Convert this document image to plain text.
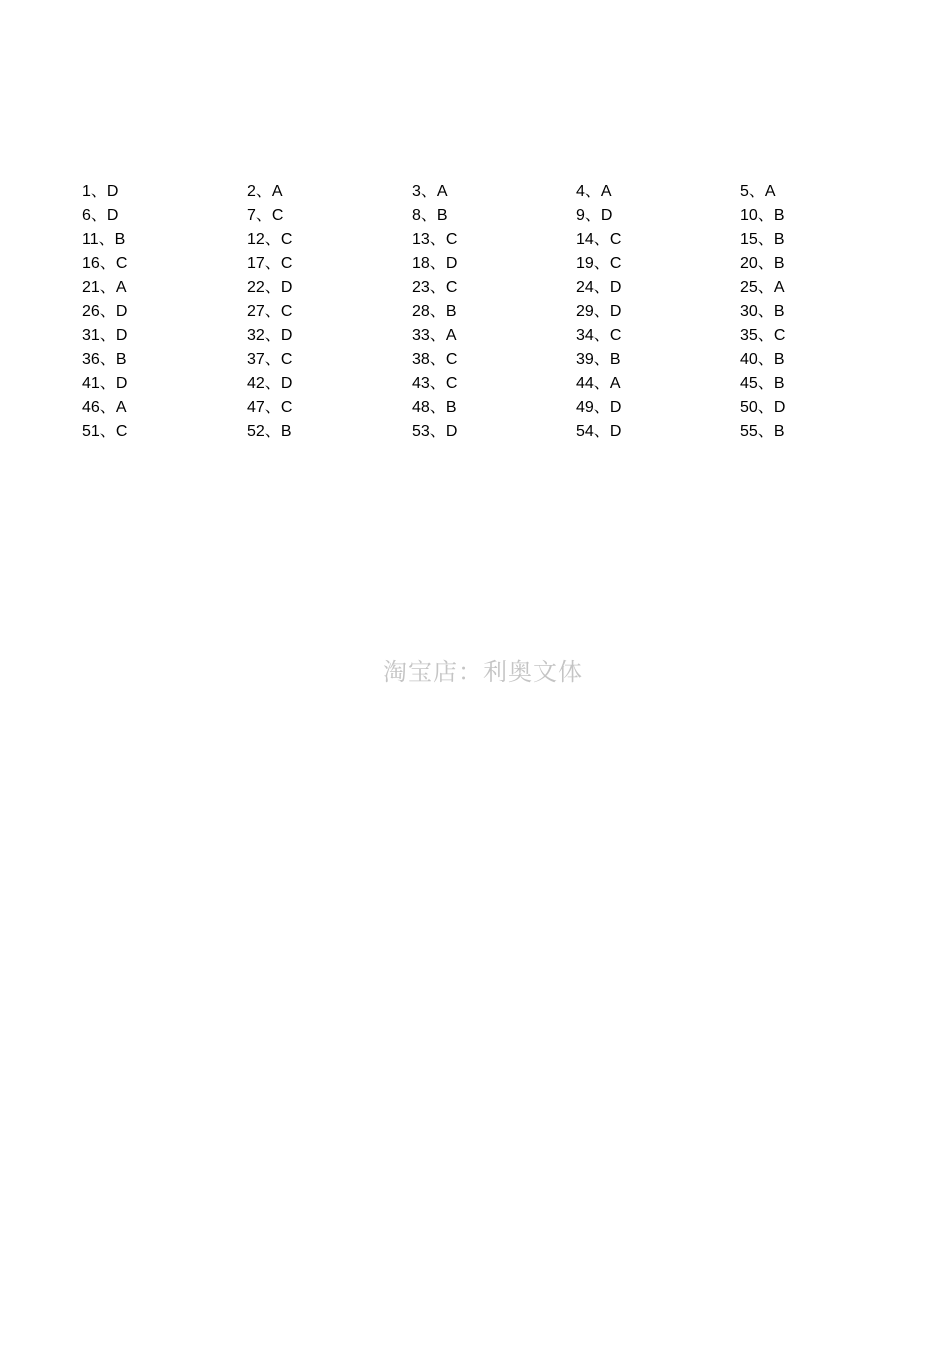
1、D	2、A	3、A	4、A	5、A
6、D	7、C	8、B	9、D	10、B
11、B	12、C	13、C	14、C	15、B
16、C	17、C	18、D	19、C	20、B
21、A	22、D	23、C	24、D	25、A
26、D	27、C	28、B	29、D	30、B
31、D	32、D	33、A	34、C	35、C
36、B	37、C	38、C	39、B	40、B
41、D	42、D	43、C	44、A	45、B
46、A	47、C	48、B	49、D	50、D
51、C	52、B	53、D	54、D	55、B
淘宝店：利奥文体
